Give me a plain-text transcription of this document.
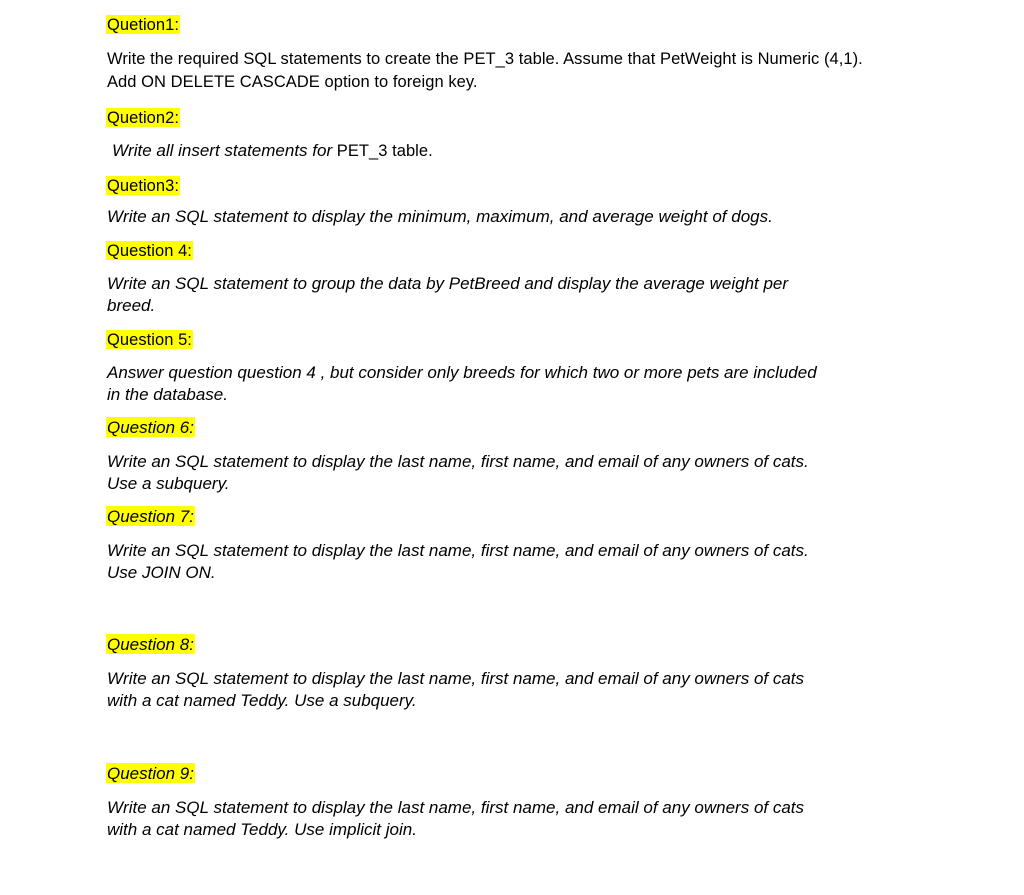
Quetion1:
Write the required SQL statements to create the PET_3 table. Assume that PetWeight is Numeric (4,1).
Add ON DELETE CASCADE option to foreign key.
Quetion2:
Write all insert statements for PET_3 table.
Quetion3:
Write an SQL statement to display the minimum, maximum, and average weight of dogs.
Question 4:
Write an SQL statement to group the data by PetBreed and display the average weight per
breed.
Question 5:
Answer question question 4 , but consider only breeds for which two or more pets are included
in the database.
Question 6:
Write an SQL statement to display the last name, first name, and email of any owners of cats.
Use a subquery.
Question 7:
Write an SQL statement to display the last name, first name, and email of any owners of cats.
Use JOIN ON.
Question 8:
Write an SQL statement to display the last name, first name, and email of any owners of cats
with a cat named Teddy. Use a subquery.
Question 9:
Write an SQL statement to display the last name, first name, and email of any owners of cats
with a cat named Teddy. Use implicit join.
